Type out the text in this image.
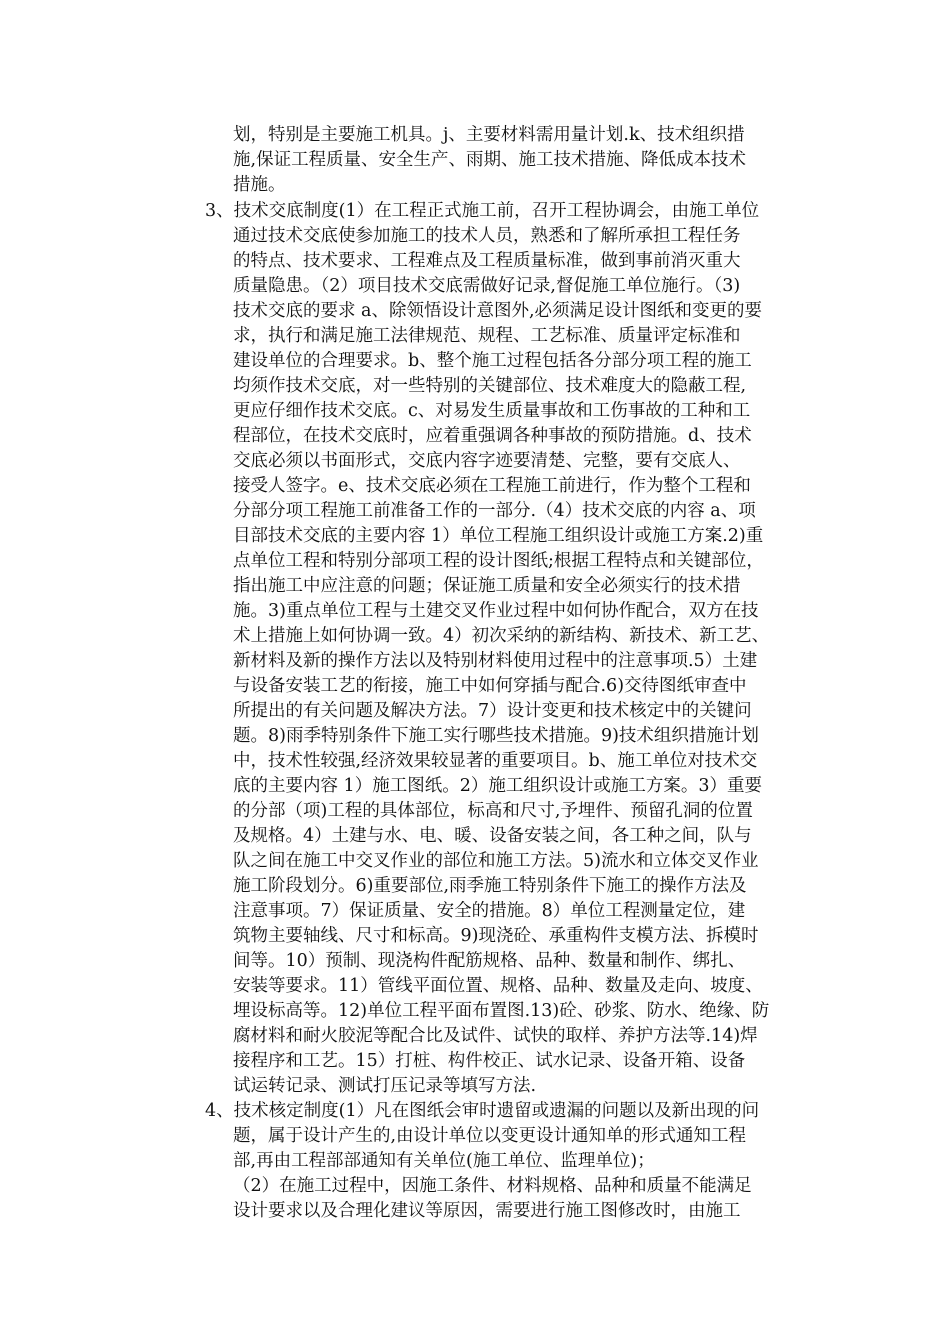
划，特别是主要施工机具。j、主要材料需用量计划.k、技术组织措

施,保证工程质量、安全生产、雨期、施工技术措施、降低成本技术

措施。

3、技术交底制度(1）在工程正式施工前，召开工程协调会，由施工单位

通过技术交底使参加施工的技术人员，熟悉和了解所承担工程任务

的特点、技术要求、工程难点及工程质量标准，做到事前消灭重大

质量隐患。（2）项目技术交底需做好记录,督促施工单位施行。（3)

技术交底的要求 a、除领悟设计意图外,必须满足设计图纸和变更的要

求，执行和满足施工法律规范、规程、工艺标准、质量评定标准和

建设单位的合理要求。b、整个施工过程包括各分部分项工程的施工

均须作技术交底，对一些特别的关键部位、技术难度大的隐蔽工程,

更应仔细作技术交底。c、对易发生质量事故和工伤事故的工种和工

程部位，在技术交底时，应着重强调各种事故的预防措施。d、技术

交底必须以书面形式，交底内容字迹要清楚、完整，要有交底人、

接受人签字。e、技术交底必须在工程施工前进行，作为整个工程和

分部分项工程施工前准备工作的一部分.（4）技术交底的内容 a、项

目部技术交底的主要内容 1）单位工程施工组织设计或施工方案.2)重

点单位工程和特别分部项工程的设计图纸;根据工程特点和关键部位，

指出施工中应注意的问题；保证施工质量和安全必须实行的技术措

施。3)重点单位工程与土建交叉作业过程中如何协作配合，双方在技

术上措施上如何协调一致。4）初次采纳的新结构、新技术、新工艺、

新材料及新的操作方法以及特别材料使用过程中的注意事项.5）土建

与设备安装工艺的衔接，施工中如何穿插与配合.6)交待图纸审查中

所提出的有关问题及解决方法。7）设计变更和技术核定中的关键问

题。8)雨季特别条件下施工实行哪些技术措施。9)技术组织措施计划

中，技术性较强,经济效果较显著的重要项目。b、施工单位对技术交

底的主要内容 1）施工图纸。2）施工组织设计或施工方案。3）重要

的分部（项)工程的具体部位，标高和尺寸,予埋件、预留孔洞的位置

及规格。4）土建与水、电、暖、设备安装之间，各工种之间，队与

队之间在施工中交叉作业的部位和施工方法。5)流水和立体交叉作业

施工阶段划分。6)重要部位,雨季施工特别条件下施工的操作方法及

注意事项。7）保证质量、安全的措施。8）单位工程测量定位，建

筑物主要轴线、尺寸和标高。9)现浇砼、承重构件支模方法、拆模时

间等。10）预制、现浇构件配筋规格、品种、数量和制作、绑扎、

安装等要求。11）管线平面位置、规格、品种、数量及走向、坡度、

埋设标高等。12)单位工程平面布置图.13)砼、砂浆、防水、绝缘、防

腐材料和耐火胶泥等配合比及试件、试快的取样、养护方法等.14)焊

接程序和工艺。15）打桩、构件校正、试水记录、设备开箱、设备

试运转记录、测试打压记录等填写方法.

4、技术核定制度(1）凡在图纸会审时遗留或遗漏的问题以及新出现的问

题，属于设计产生的,由设计单位以变更设计通知单的形式通知工程

部,再由工程部部通知有关单位(施工单位、监理单位)；

（2）在施工过程中，因施工条件、材料规格、品种和质量不能满足

设计要求以及合理化建议等原因，需要进行施工图修改时，由施工
